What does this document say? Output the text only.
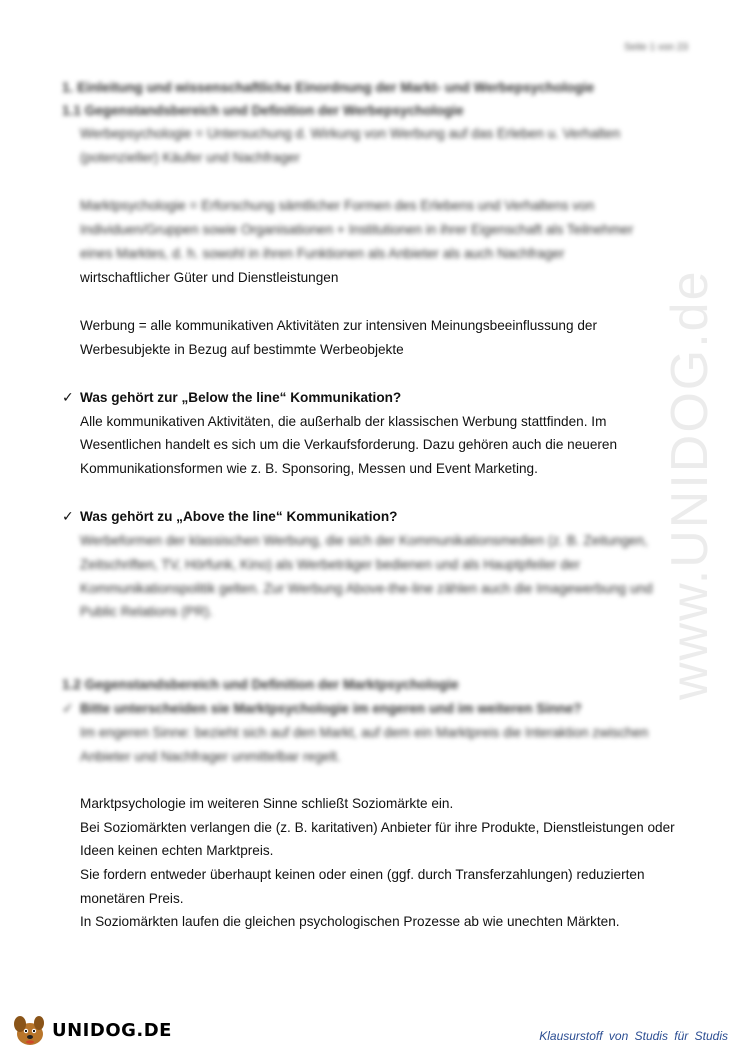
Seite 1 von 23
www.UNIDOG.de
1. Einleitung und wissenschaftliche Einordnung der Markt- und Werbepsychologie
1.1 Gegenstandsbereich und Definition der Werbepsychologie
Werbepsychologie = Untersuchung d. Wirkung von Werbung auf das Erleben u. Verhalten
(potenzieller) Käufer und Nachfrager
Marktpsychologie = Erforschung sämtlicher Formen des Erlebens und Verhaltens von
Individuen/Gruppen sowie Organisationen + Institutionen in ihrer Eigenschaft als Teilnehmer
eines Marktes, d. h. sowohl in ihren Funktionen als Anbieter als auch Nachfrager
wirtschaftlicher Güter und Dienstleistungen
Werbung = alle kommunikativen Aktivitäten zur intensiven Meinungsbeeinflussung der
Werbesubjekte in Bezug auf bestimmte Werbeobjekte
✓ Was gehört zur „Below the line“ Kommunikation?
Alle kommunikativen Aktivitäten, die außerhalb der klassischen Werbung stattfinden. Im
Wesentlichen handelt es sich um die Verkaufsforderung. Dazu gehören auch die neueren
Kommunikationsformen wie z. B. Sponsoring, Messen und Event Marketing.
✓ Was gehört zu „Above the line“ Kommunikation?
Werbeformen der klassischen Werbung, die sich der Kommunikationsmedien (z. B. Zeitungen,
Zeitschriften, TV, Hörfunk, Kino) als Werbeträger bedienen und als Hauptpfeiler der
Kommunikationspolitik gelten. Zur Werbung Above-the-line zählen auch die Imagewerbung und
Public Relations (PR).
1.2 Gegenstandsbereich und Definition der Marktpsychologie
✓ Bitte unterscheiden sie Marktpsychologie im engeren und im weiteren Sinne?
Im engeren Sinne: bezieht sich auf den Markt, auf dem ein Marktpreis die Interaktion zwischen
Anbieter und Nachfrager unmittelbar regelt.
Marktpsychologie im weiteren Sinne schließt Soziomärkte ein.
Bei Soziomärkten verlangen die (z. B. karitativen) Anbieter für ihre Produkte, Dienstleistungen oder
Ideen keinen echten Marktpreis.
Sie fordern entweder überhaupt keinen oder einen (ggf. durch Transferzahlungen) reduzierten
monetären Preis.
In Soziomärkten laufen die gleichen psychologischen Prozesse ab wie unechten Märkten.
UNIDOG.DE	Klausurstoff von Studis für Studis
